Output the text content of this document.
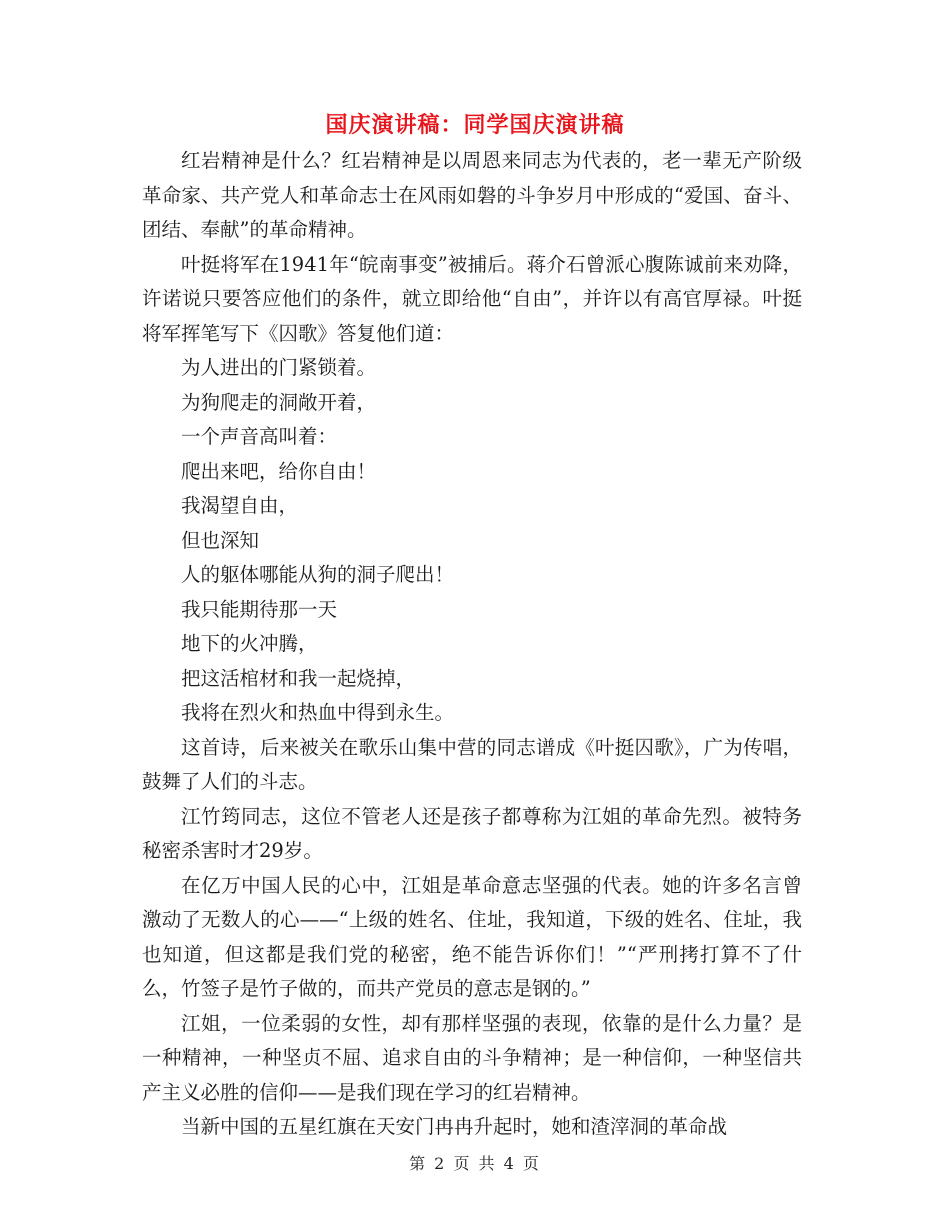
国庆演讲稿：同学国庆演讲稿

红岩精神是什么？红岩精神是以周恩来同志为代表的，老一辈无产阶级革命家、共产党人和革命志士在风雨如磐的斗争岁月中形成的“爱国、奋斗、团结、奉献”的革命精神。

叶挺将军在1941年“皖南事变”被捕后。蒋介石曾派心腹陈诚前来劝降，许诺说只要答应他们的条件，就立即给他“自由”，并许以有高官厚禄。叶挺将军挥笔写下《囚歌》答复他们道：

为人进出的门紧锁着。

为狗爬走的洞敞开着，

一个声音高叫着：

爬出来吧，给你自由！

我渴望自由，

但也深知

人的躯体哪能从狗的洞子爬出！

我只能期待那一天

地下的火冲腾，

把这活棺材和我一起烧掉，

我将在烈火和热血中得到永生。

这首诗，后来被关在歌乐山集中营的同志谱成《叶挺囚歌》，广为传唱，鼓舞了人们的斗志。

江竹筠同志，这位不管老人还是孩子都尊称为江姐的革命先烈。被特务秘密杀害时才29岁。

在亿万中国人民的心中，江姐是革命意志坚强的代表。她的许多名言曾激动了无数人的心——“上级的姓名、住址，我知道，下级的姓名、住址，我也知道，但这都是我们党的秘密，绝不能告诉你们！”“严刑拷打算不了什么，竹签子是竹子做的，而共产党员的意志是钢的。”

江姐，一位柔弱的女性，却有那样坚强的表现，依靠的是什么力量？是一种精神，一种坚贞不屈、追求自由的斗争精神；是一种信仰，一种坚信共产主义必胜的信仰——是我们现在学习的红岩精神。

当新中国的五星红旗在天安门冉冉升起时，她和渣滓洞的革命战

第 2 页 共 4 页
